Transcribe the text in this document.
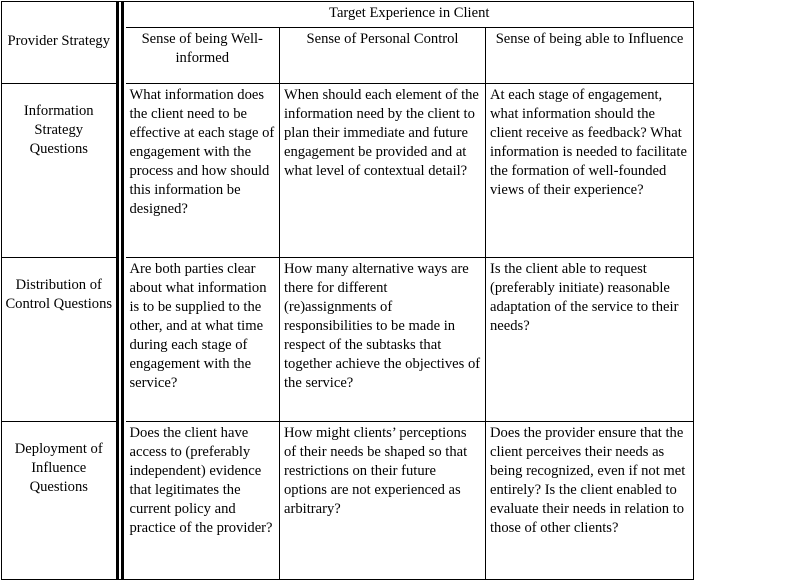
Provider Strategy		Target Experience in Client		
		Sense of being Well-informed	Sense of Personal Control	Sense of being able to Influence
Information Strategy Questions		What information does the client need to be effective at each stage of engagement with the process and how should this information be designed?	When should each element of the information need by the client to plan their immediate and future engagement be provided and at what level of contextual detail?	At each stage of engagement, what information should the client receive as feedback? What information is needed to facilitate the formation of well-founded views of their experience?
Distribution of Control Questions		Are both parties clear about what information is to be supplied to the other, and at what time during each stage of engagement with the service?	How many alternative ways are there for different (re)assignments of responsibilities to be made in respect of the subtasks that together achieve the objectives of the service?	Is the client able to request (preferably initiate) reasonable adaptation of the service to their needs?
Deployment of Influence Questions		Does the client have access to (preferably independent) evidence that legitimates the current policy and practice of the provider?	How might clients’ perceptions of their needs be shaped so that restrictions on their future options are not experienced as arbitrary?	Does the provider ensure that the client perceives their needs as being recognized, even if not met entirely? Is the client enabled to evaluate their needs in relation to those of other clients?
